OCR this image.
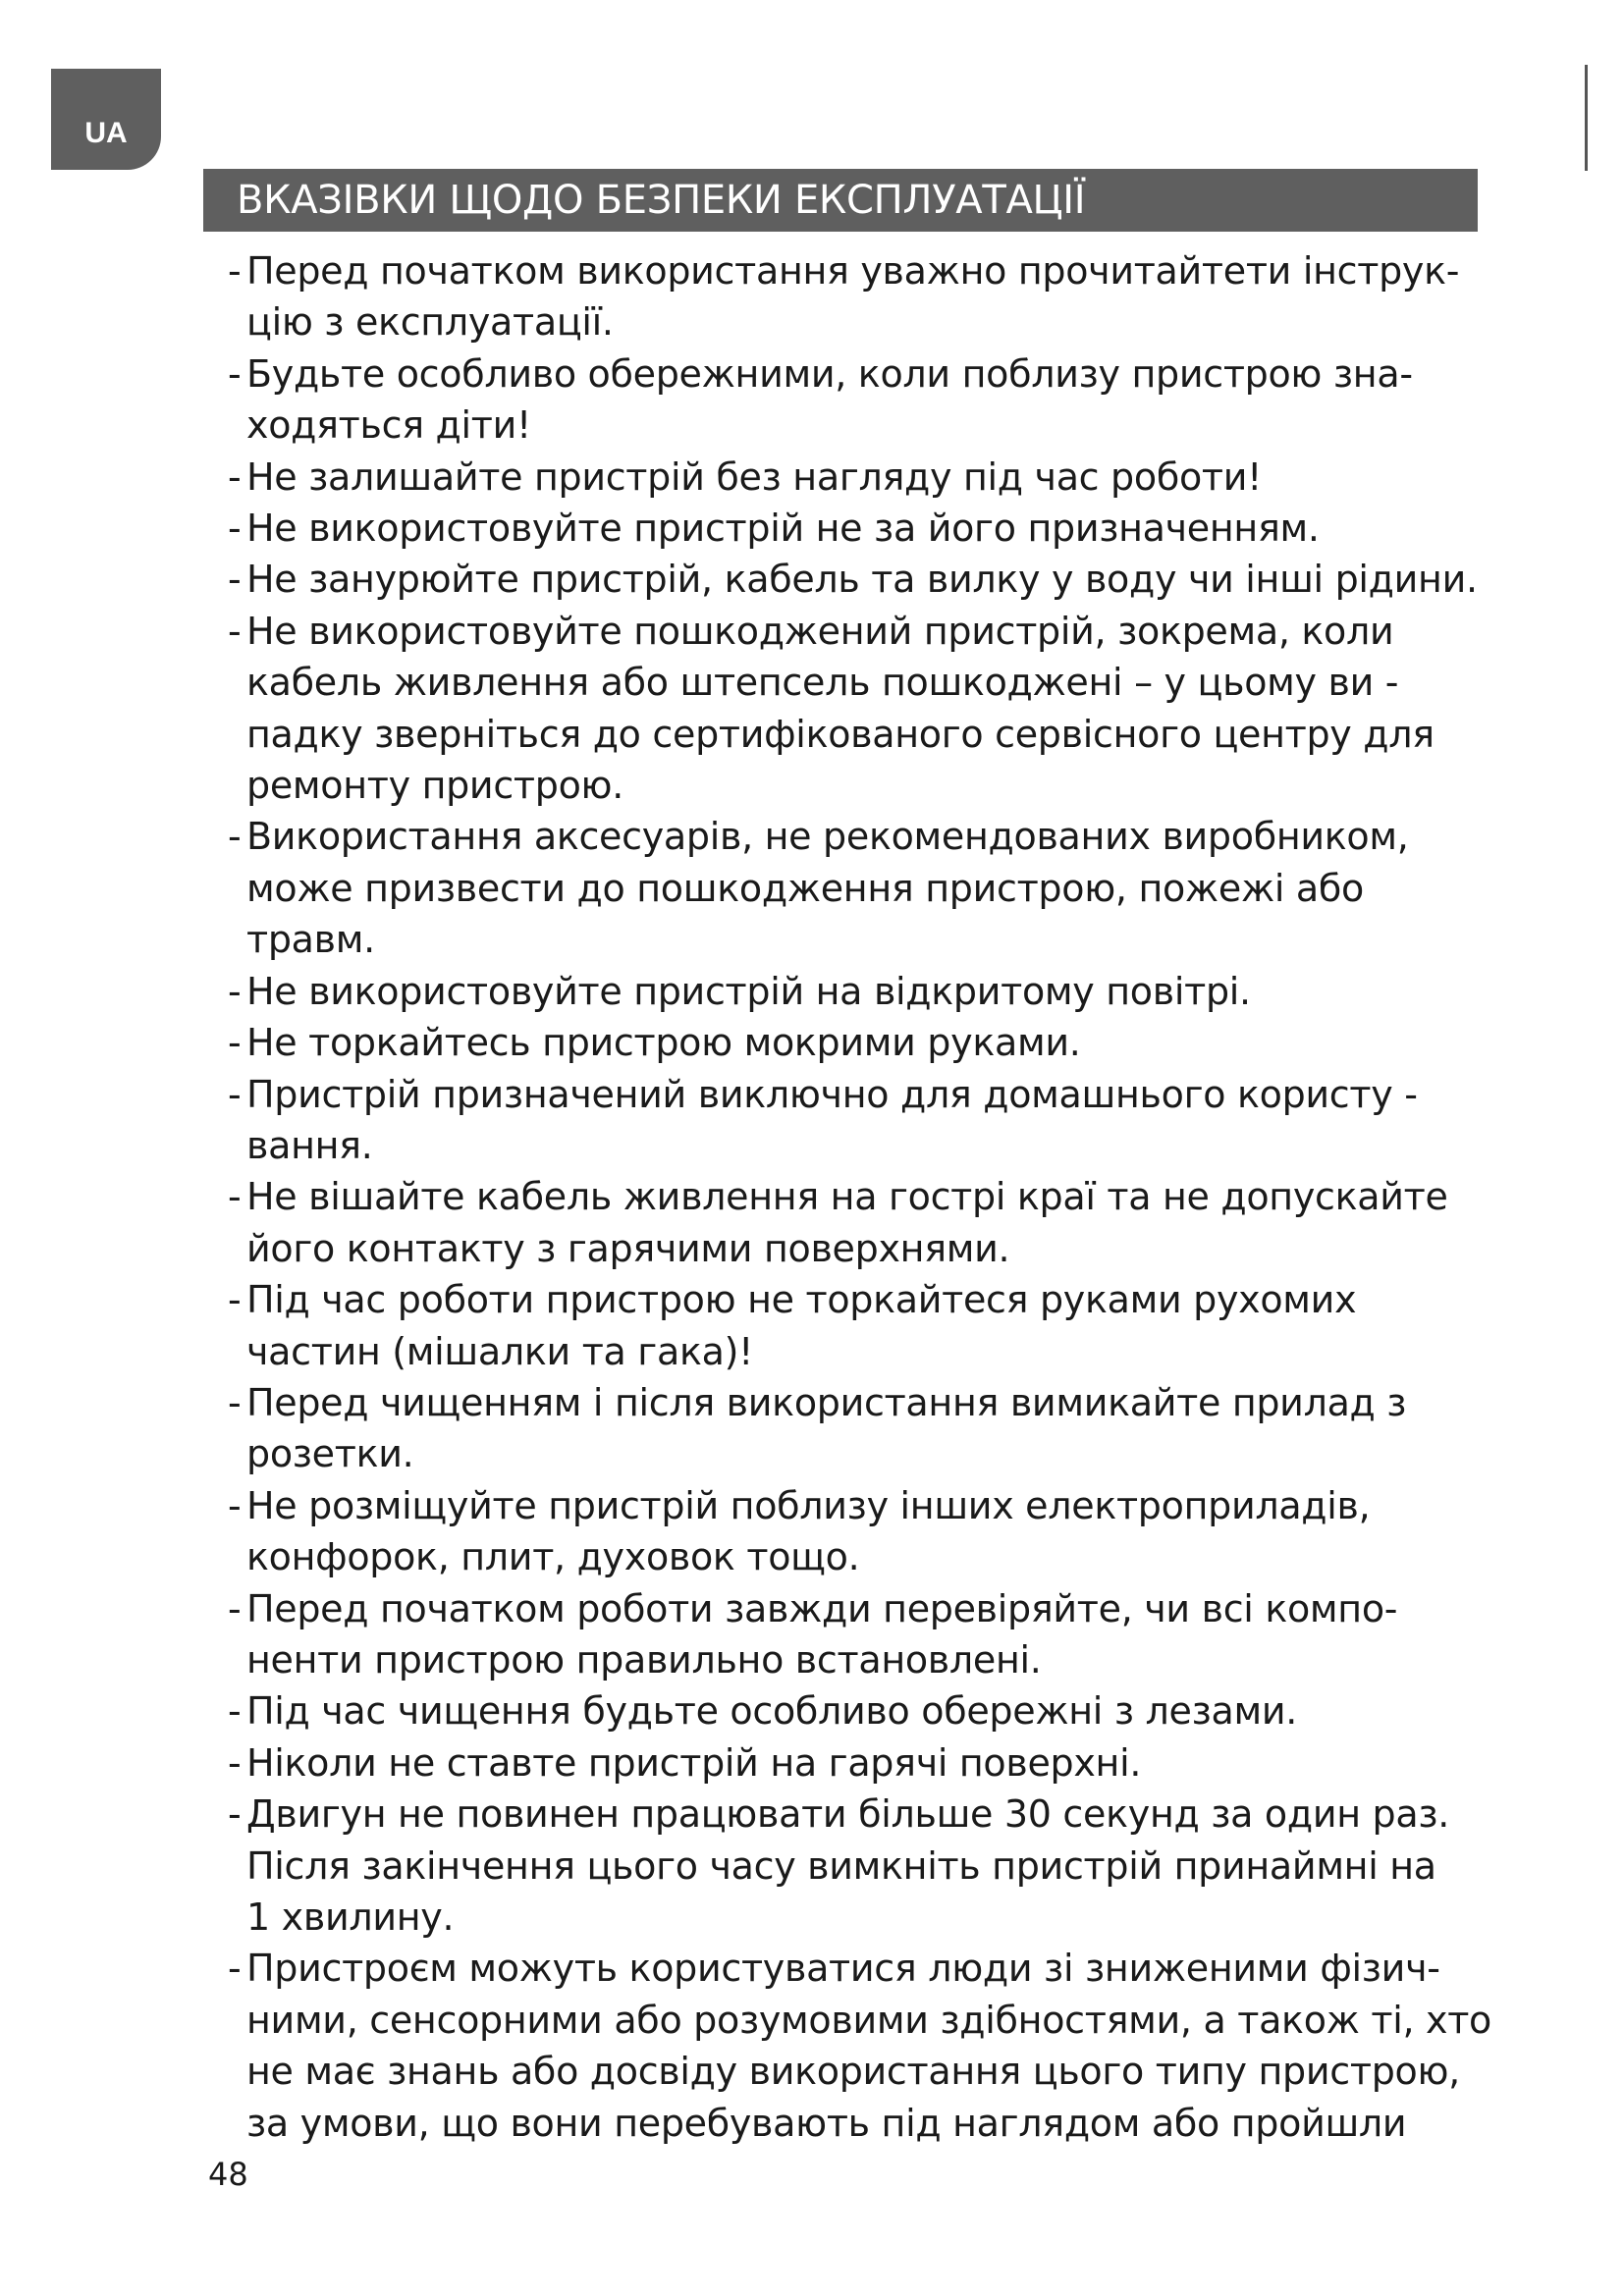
UA
ВКАЗІВКИ ЩОДО БЕЗПЕКИ ЕКСПЛУАТАЦІЇ
- Перед початком використання уважно прочитайтети інструк-
цію з експлуатації.
- Будьте особливо обережними, коли поблизу пристрою зна-
ходяться діти!
- Не залишайте пристрій без нагляду під час роботи!
- Не використовуйте пристрій не за його призначенням.
- Не занурюйте пристрій, кабель та вилку у воду чи інші рідини.
- Не використовуйте пошкоджений пристрій, зокрема, коли
кабель живлення або штепсель пошкоджені – у цьому ви -
падку зверніться до сертифікованого сервісного центру для
ремонту пристрою.
- Використання аксесуарів, не рекомендованих виробником,
може призвести до пошкодження пристрою, пожежі або травм.
- Не використовуйте пристрій на відкритому повітрі.
- Не торкайтесь пристрою мокрими руками.
- Пристрій призначений виключно для домашнього користу -
вання.
- Не вішайте кабель живлення на гострі краї та не допускайте
його контакту з гарячими поверхнями.
- Під час роботи пристрою не торкайтеся руками рухомих
частин (мішалки та гака)!
- Перед чищенням і після використання вимикайте прилад з
розетки.
- Не розміщуйте пристрій поблизу інших електроприладів,
конфорок, плит, духовок тощо.
- Перед початком роботи завжди перевіряйте, чи всі компо-
ненти пристрою правильно встановлені.
- Під час чищення будьте особливо обережні з лезами.
- Ніколи не ставте пристрій на гарячі поверхні.
- Двигун не повинен працювати більше 30 секунд за один раз.
Після закінчення цього часу вимкніть пристрій принаймні на
1 хвилину.
- Пристроєм можуть користуватися люди зі зниженими фізич-
ними, сенсорними або розумовими здібностями, а також ті, хто
не має знань або досвіду використання цього типу пристрою,
за умови, що вони перебувають під наглядом або пройшли
48
